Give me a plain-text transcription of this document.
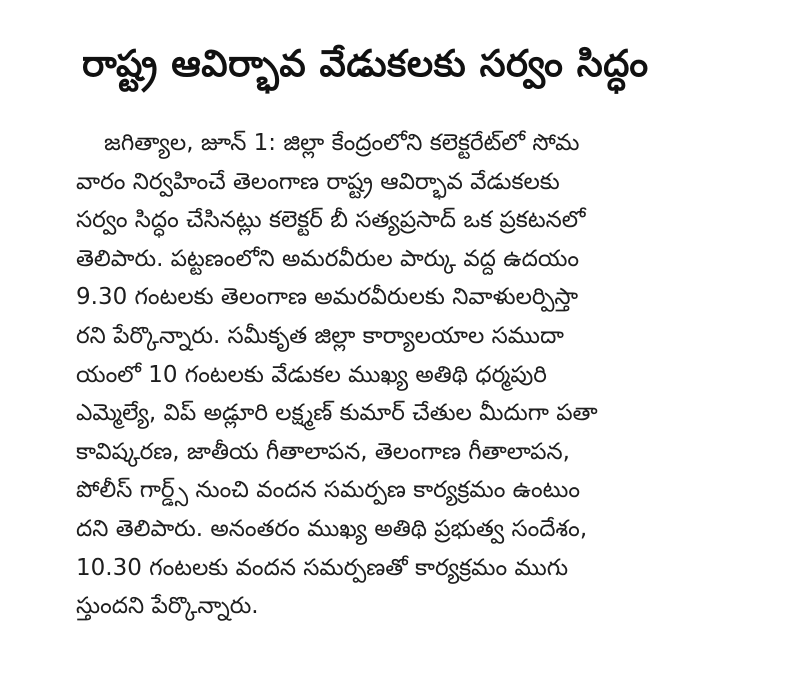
రాష్ట్ర ఆవిర్భావ వేడుకలకు సర్వం సిద్ధం
జగిత్యాల, జూన్ 1: జిల్లా కేంద్రంలోని కలెక్టరేట్‌లో సోమ
వారం నిర్వహించే తెలంగాణ రాష్ట్ర ఆవిర్భావ వేడుకలకు
సర్వం సిద్ధం చేసినట్లు కలెక్టర్ బీ సత్యప్రసాద్ ఒక ప్రకటనలో
తెలిపారు. పట్టణంలోని అమరవీరుల పార్కు వద్ద ఉదయం
9.30 గంటలకు తెలంగాణ అమరవీరులకు నివాళులర్పిస్తా
రని పేర్కొన్నారు. సమీకృత జిల్లా కార్యాలయాల సముదా
యంలో 10 గంటలకు వేడుకల ముఖ్య అతిథి ధర్మపురి
ఎమ్మెల్యే, విప్ అడ్లూరి లక్ష్మణ్ కుమార్ చేతుల మీదుగా పతా
కావిష్కరణ, జాతీయ గీతాలాపన, తెలంగాణ గీతాలాపన,
పోలీస్ గార్డ్స్ నుంచి వందన సమర్పణ కార్యక్రమం ఉంటుం
దని తెలిపారు. అనంతరం ముఖ్య అతిథి ప్రభుత్వ సందేశం,
10.30 గంటలకు వందన సమర్పణతో కార్యక్రమం ముగు
స్తుందని పేర్కొన్నారు.
